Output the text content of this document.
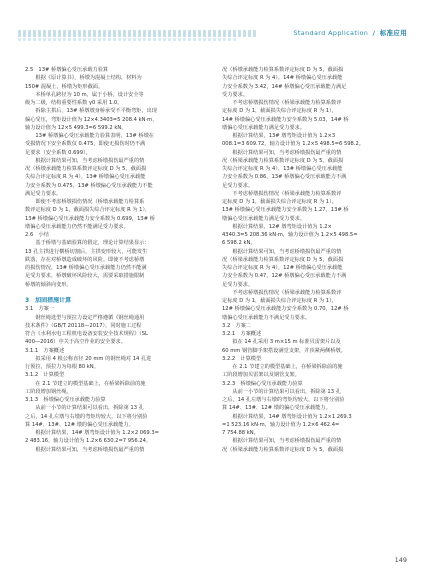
Standard Application / 标准应用
2.5　13# 桥墩偏心受压承载力验算
　　根据《原计算书》，桥墩为混凝土结构，材料为
150# 混凝土，桥墩为矩形截面。
　　本桥单孔跨径为 10 m，属于小桥，设计安全等
级为二级，结构重要性系数 γ0 采用 1.0。
　　拆除主拱后，13# 桥墩墩身桥承受不平衡弯矩，出现
偏心受压，弯矩设计值为 12×4.3403=5 208.4 kN·m，
轴力设计值为 12×5 499.3=6 599.2 kN。
　　13# 桥墩偏心受压承载能力验算表明，13# 桥墩在
受损情况下安全系数仅 0.475，即使无损伤时仍不满
足要求（安全系数 0.699）。
　　根据计算结果可知，当考虑桥墩损伤最严重的情
况（桥墩承载能力检算系数评定标度 D 为 5，截面损
失综合评定标度 R 为 4），13# 桥墩偏心受压承载能
力安全系数为 0.475，13# 桥墩偏心受压承载能力不能
满足受力要求。
　　即使不考虑桥墩损伤情况（桥墩承载能力检算系
数评定标度 D 为 1，截面损失综合评定标度 R 为 1），
13# 桥墩偏心受压承载能力安全系数为 0.699，13# 桥
墩偏心受压承载能力仍然不能满足受力要求。
2.6　小结
　　基于桥墩与基础验算的假定，理论计算结果显示：
13 孔主拱进行横桥切割后，主拱变形较大，可能发生
跌落，存在对桥墩造成破坏的风险。即使不考虑桥墩
的损伤情况，13# 桥墩偏心受压承载能力仍然不能满
足受力要求，桥墩破坏风险较大，需要采取措施限制
桥墩的倾斜向变形。
3　加固措施计算
3.1　方案一
　　钢丝绳选型与预拉力设定严格遵循《钢丝绳通用
技术条件》（GB/T 20118—2017），同时施工过程
符合《水利水电工程机电设备安装安全技术规程》（SL
400—2016）中关于高空作业的安全要求。
3.1.1　方案概述
　　拟采用 4 根公称直径 20 mm 的钢丝绳对 14 孔进
行预拉，预拉力为每根 80 kN。
3.1.2　计算模型
　　在 2.1 节建立的模型基础上，在桥梁拆除前的施
工阶段增加钢丝绳。
3.1.3　桥墩偏心受压承载能力验算
　　从前一小节的计算结果可以看出，拆除第 13 孔
之后，14 孔左墩与右墩的弯矩均较大，以下将分别验
算 14#、13#、12# 墩的偏心受压承载能力。
　　根据计算结果，14# 墩弯矩设计值为 1.2×2 069.3=
2 483.16，轴力设计值为 1.2×6 630.2=7 956.24。
　　根据计算结果可知，当考虑桥墩损伤最严重的情
况（桥墩承载能力检算系数评定标度 D 为 5，截面损
失综合评定标度 R 为 4），14# 桥墩偏心受压承载能
力安全系数为 3.42，14# 桥墩偏心受压承载能力满足
受力要求。
　　不考虑桥墩损伤情况（桥梁承载能力检算系数评
定标度 D 为 1，截面损失综合评定标度 R 为 1），
14# 桥墩偏心受压承载能力安全系数为 5.03，14# 桥
墩偏心受压承载能力满足受力要求。
　　根据计算结果，13# 墩弯矩设计值为 1.2×3
008.1=3 609.72，轴力设计值为 1.2×5 498.5=6 598.2。
　　根据计算结果可知，当考虑桥墩损伤最严重的情
况（桥梁承载能力检算系数评定标度 D 为 5，截面损
失综合评定标度 R 为 4），13# 桥墩偏心受压承载能
力安全系数为 0.86，13# 桥墩偏心受压承载能力不满
足受力要求。
　　不考虑桥墩损伤情况（桥梁承载能力检算系数评
定标度 D 为 1，截面损失综合评定标度 R 为 1），
13# 桥墩偏心受压承载能力安全系数为 1.27，13# 桥
墩偏心受压承载能力满足受力要求。
　　根据计算结果，12# 墩弯矩设计值为 1.2×
4340.3=5 208.36 kN·m，轴力设计值为 1.2×5 498.5=
6 598.2 kN。
　　根据计算结果可知，当考虑桥墩损伤最严重的情
况（桥梁承载能力检算系数评定标度 D 为 5，截面损
失综合评定标度 R 为 4），12# 桥墩偏心受压承载能
力安全系数为 0.47，12# 桥墩偏心受压承载能力不满
足受力要求。
　　不考虑桥墩损伤情况（桥梁承载能力检算系数评
定标度 D 为 1，截面损失综合评定标度 R 为 1），
12# 桥墩偏心受压承载能力安全系数为 0.70，12# 桥
墩偏心受压承载能力不满足受力要求。
3.2　方案二
3.2.1　方案概述
　　拟在 14 孔采用 3 m×15 m 标准贝雷架片以及
60 mm 钢管脚手架搭设满堂支架，并顶紧两侧桥墩。
3.2.2　计算模型
　　在 2.1 节建立的模型基础上，在桥梁拆除前的施
工阶段增加贝雷架以及钢管支架。
3.2.3　桥墩偏心受压承载能力验算
　　从前一小节的计算结果可以看出，拆除第 13 孔
之后，14 孔左墩与右墩的弯矩均较大，以下将分别验
算 14#、13#、12# 墩的偏心受压承载能力。
　　根据计算结果，14# 墩弯矩设计值为 1.2×1 269.3
=1 523.16 kN·m，轴力设计值为 1.2×6 462.4=
7 754.88 kN。
　　根据计算结果可知，当考虑桥墩损伤最严重的情
况（桥梁承载能力检算系数评定标度 D 为 5，截面损
149
